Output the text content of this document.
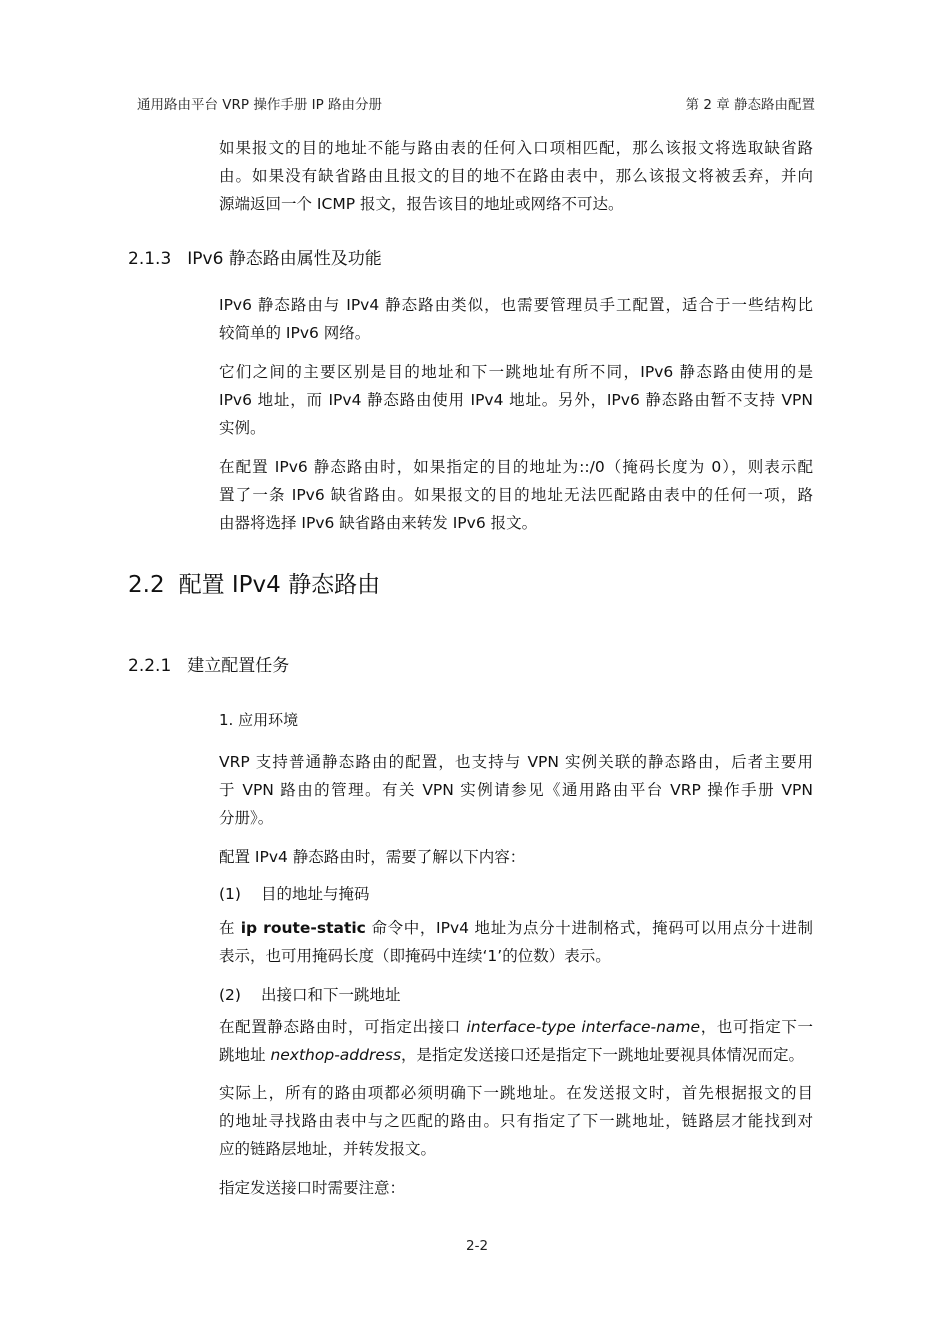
通用路由平台 VRP 操作手册 IP 路由分册	第 2 章 静态路由配置
如果报文的目的地址不能与路由表的任何入口项相匹配，那么该报文将选取缺省路
由。如果没有缺省路由且报文的目的地不在路由表中，那么该报文将被丢弃，并向
源端返回一个 ICMP 报文，报告该目的地址或网络不可达。
2.1.3 IPv6 静态路由属性及功能
IPv6 静态路由与 IPv4 静态路由类似，也需要管理员手工配置，适合于一些结构比
较简单的 IPv6 网络。
它们之间的主要区别是目的地址和下一跳地址有所不同，IPv6 静态路由使用的是
IPv6 地址，而 IPv4 静态路由使用 IPv4 地址。另外，IPv6 静态路由暂不支持 VPN
实例。
在配置 IPv6 静态路由时，如果指定的目的地址为::/0（掩码长度为 0），则表示配
置了一条 IPv6 缺省路由。如果报文的目的地址无法匹配路由表中的任何一项，路
由器将选择 IPv6 缺省路由来转发 IPv6 报文。
2.2 配置 IPv4 静态路由
2.2.1 建立配置任务
1. 应用环境
VRP 支持普通静态路由的配置，也支持与 VPN 实例关联的静态路由，后者主要用
于 VPN 路由的管理。有关 VPN 实例请参见《通用路由平台 VRP 操作手册 VPN
分册》。
配置 IPv4 静态路由时，需要了解以下内容：
(1) 目的地址与掩码
在 ip route-static 命令中，IPv4 地址为点分十进制格式，掩码可以用点分十进制
表示，也可用掩码长度（即掩码中连续‘1’的位数）表示。
(2) 出接口和下一跳地址
在配置静态路由时，可指定出接口 interface-type interface-name，也可指定下一
跳地址 nexthop-address，是指定发送接口还是指定下一跳地址要视具体情况而定。
实际上，所有的路由项都必须明确下一跳地址。在发送报文时，首先根据报文的目
的地址寻找路由表中与之匹配的路由。只有指定了下一跳地址，链路层才能找到对
应的链路层地址，并转发报文。
指定发送接口时需要注意：
2-2
